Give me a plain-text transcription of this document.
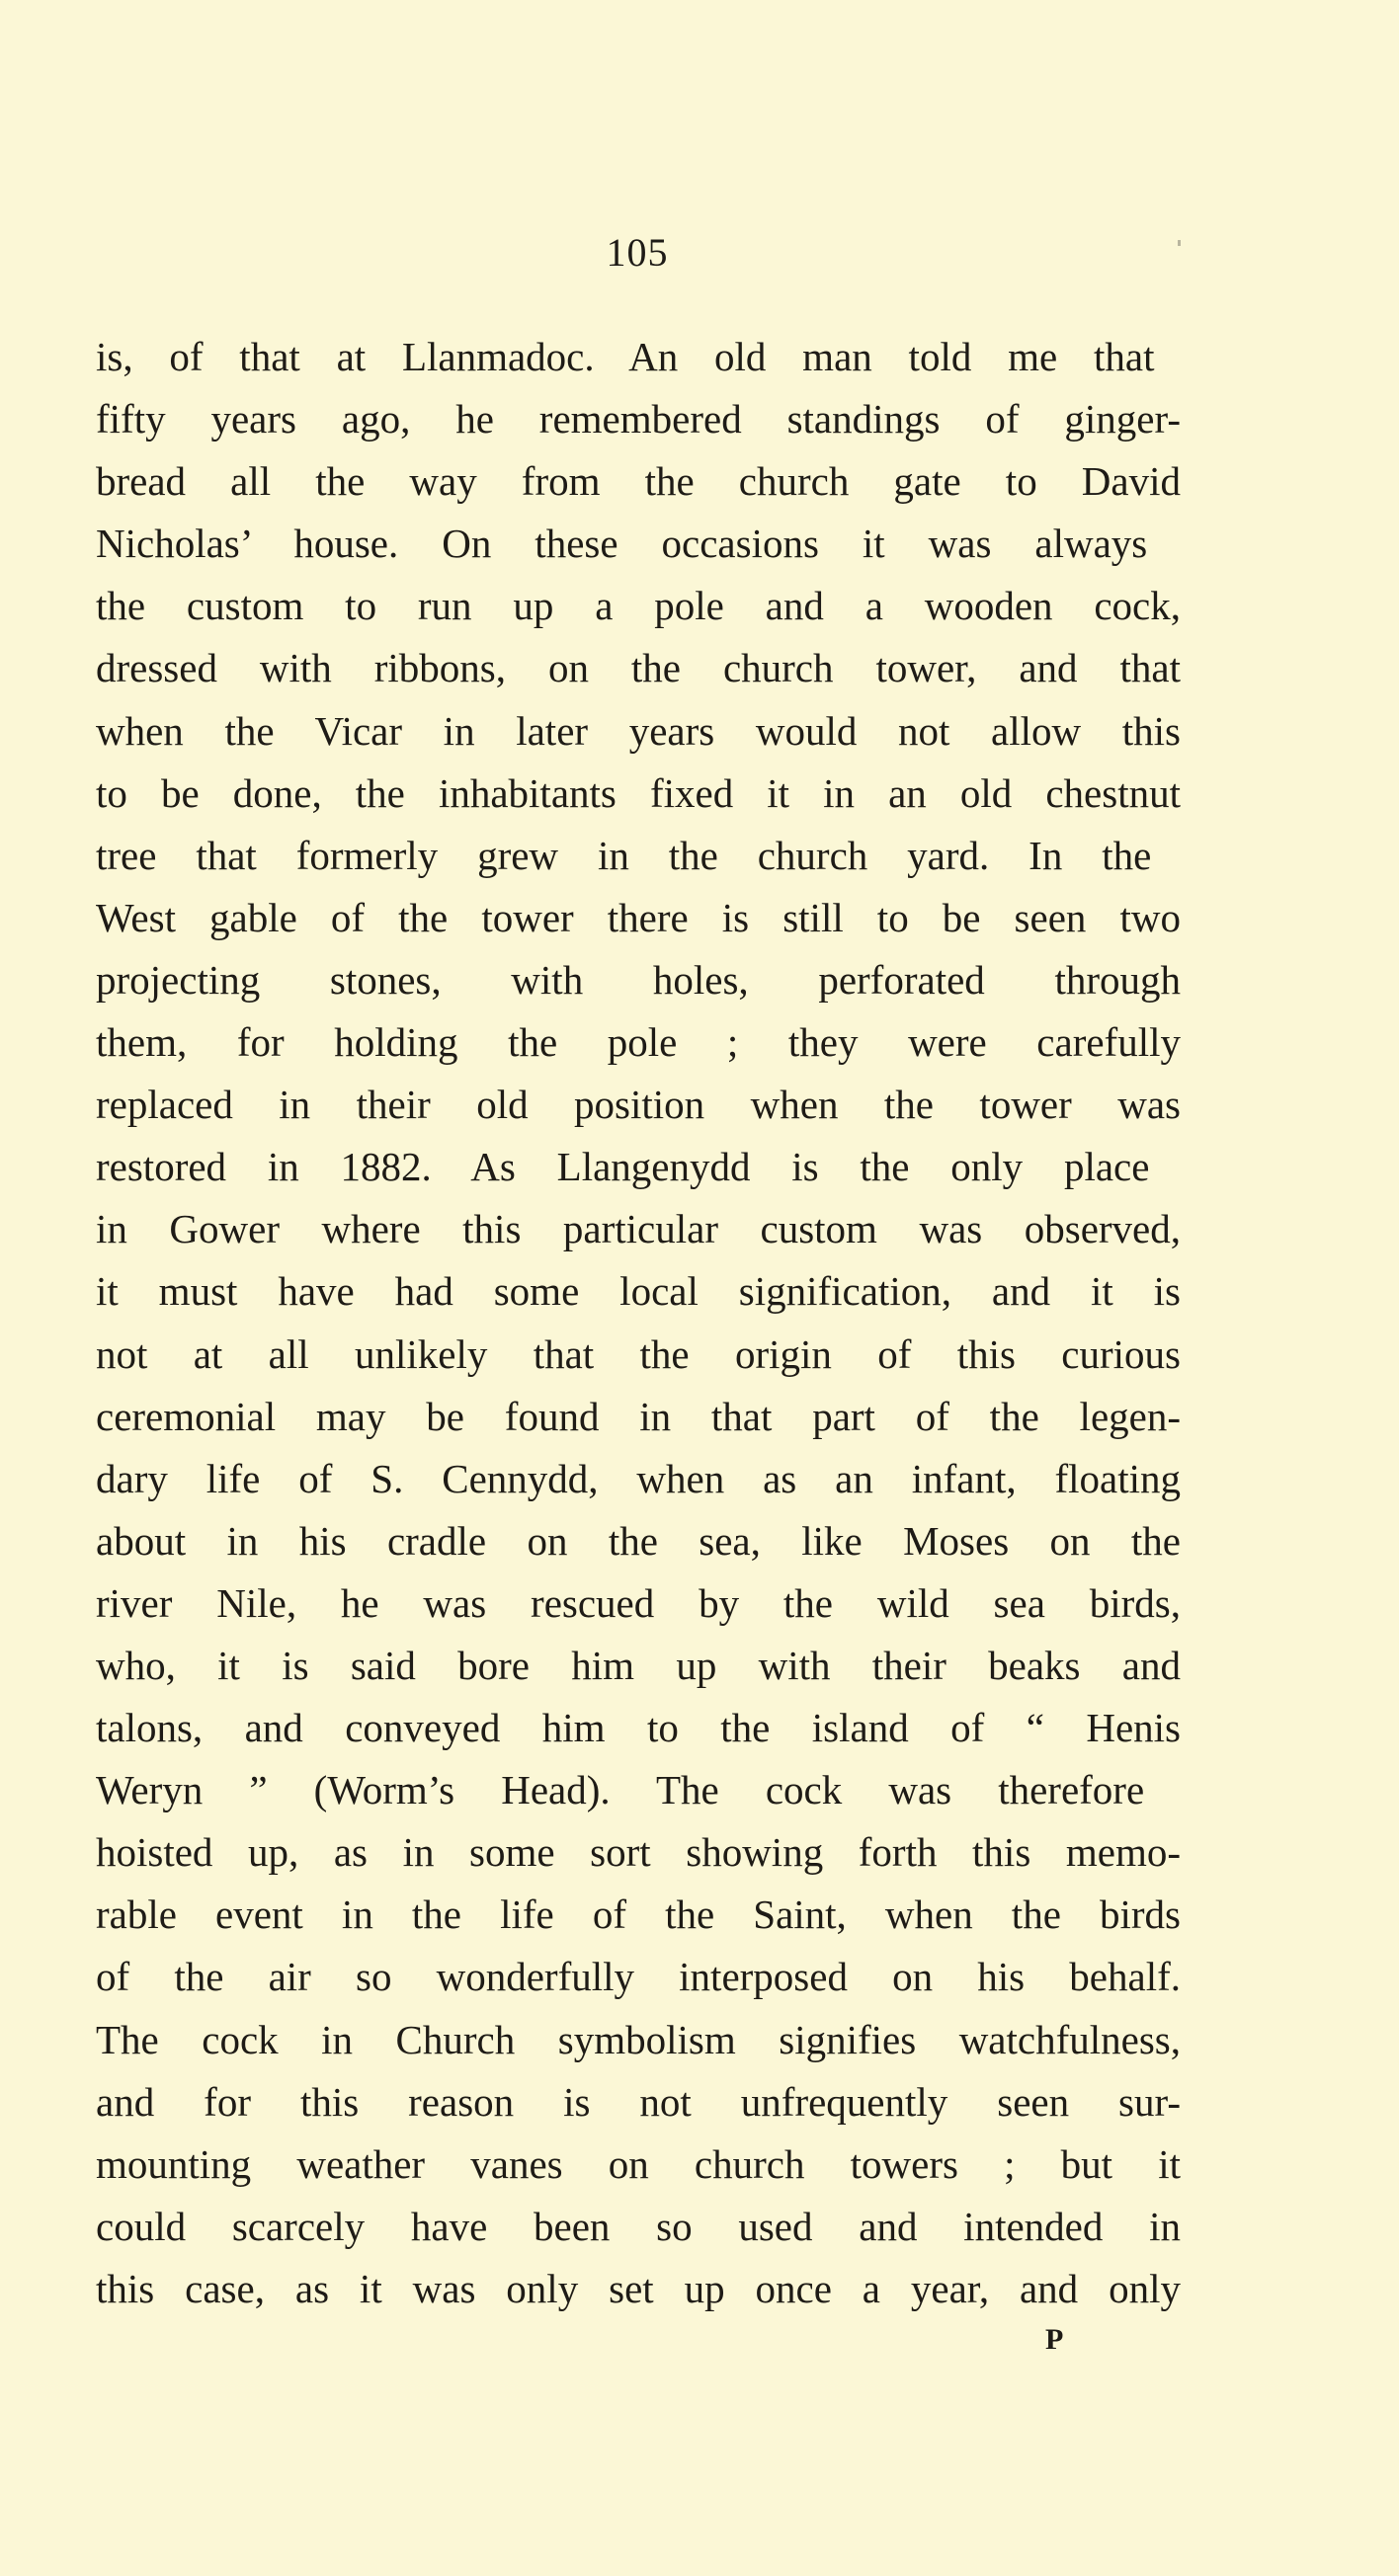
105
is, of that at Llanmadoc. An old man told me that
fifty years ago, he remembered standings of ginger-
bread all the way from the church gate to David
Nicholas’ house. On these occasions it was always
the custom to run up a pole and a wooden cock,
dressed with ribbons, on the church tower, and that
when the Vicar in later years would not allow this
to be done, the inhabitants fixed it in an old chestnut
tree that formerly grew in the church yard. In the
West gable of the tower there is still to be seen two
projecting stones, with holes, perforated through
them, for holding the pole ; they were carefully
replaced in their old position when the tower was
restored in 1882. As Llangenydd is the only place
in Gower where this particular custom was observed,
it must have had some local signification, and it is
not at all unlikely that the origin of this curious
ceremonial may be found in that part of the legen-
dary life of S. Cennydd, when as an infant, floating
about in his cradle on the sea, like Moses on the
river Nile, he was rescued by the wild sea birds,
who, it is said bore him up with their beaks and
talons, and conveyed him to the island of “ Henis
Weryn ” (Worm’s Head). The cock was therefore
hoisted up, as in some sort showing forth this memo-
rable event in the life of the Saint, when the birds
of the air so wonderfully interposed on his behalf.
The cock in Church symbolism signifies watchfulness,
and for this reason is not unfrequently seen sur-
mounting weather vanes on church towers ; but it
could scarcely have been so used and intended in
this case, as it was only set up once a year, and only
P
